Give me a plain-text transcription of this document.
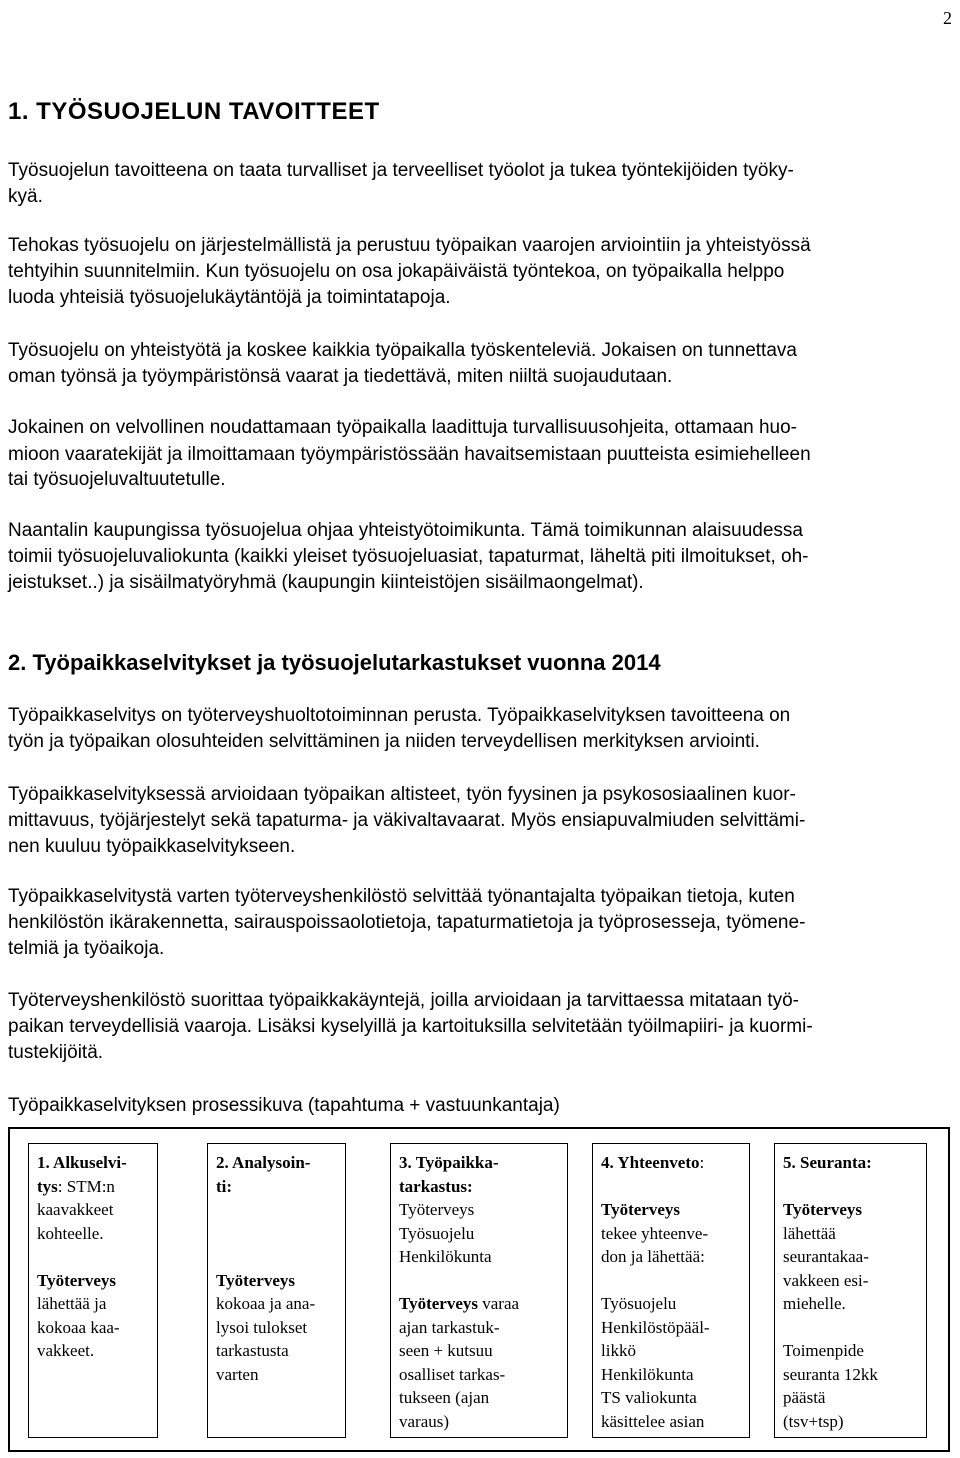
2
1. TYÖSUOJELUN TAVOITTEET
Työsuojelun tavoitteena on taata turvalliset ja terveelliset työolot ja tukea työntekijöiden työky-
kyä.
Tehokas työsuojelu on järjestelmällistä ja perustuu työpaikan vaarojen arviointiin ja yhteistyössä
tehtyihin suunnitelmiin. Kun työsuojelu on osa jokapäiväistä työntekoa, on työpaikalla helppo
luoda yhteisiä työsuojelukäytäntöjä ja toimintatapoja.
Työsuojelu on yhteistyötä ja koskee kaikkia työpaikalla työskenteleviä. Jokaisen on tunnettava
oman työnsä ja työympäristönsä vaarat ja tiedettävä, miten niiltä suojaudutaan.
Jokainen on velvollinen noudattamaan työpaikalla laadittuja turvallisuusohjeita, ottamaan huo-
mioon vaaratekijät ja ilmoittamaan työympäristössään havaitsemistaan puutteista esimiehelleen
tai työsuojeluvaltuutetulle.
Naantalin kaupungissa työsuojelua ohjaa yhteistyötoimikunta. Tämä toimikunnan alaisuudessa
toimii työsuojeluvaliokunta (kaikki yleiset työsuojeluasiat, tapaturmat, läheltä piti ilmoitukset, oh-
jeistukset..) ja sisäilmatyöryhmä (kaupungin kiinteistöjen sisäilmaongelmat).
2. Työpaikkaselvitykset ja työsuojelutarkastukset vuonna 2014
Työpaikkaselvitys on työterveyshuoltotoiminnan perusta. Työpaikkaselvityksen tavoitteena on
työn ja työpaikan olosuhteiden selvittäminen ja niiden terveydellisen merkityksen arviointi.
Työpaikkaselvityksessä arvioidaan työpaikan altisteet, työn fyysinen ja psykososiaalinen kuor-
mittavuus, työjärjestelyt sekä tapaturma- ja väkivaltavaarat. Myös ensiapuvalmiuden selvittämi-
nen kuuluu työpaikkaselvitykseen.
Työpaikkaselvitystä varten työterveyshenkilöstö selvittää työnantajalta työpaikan tietoja, kuten
henkilöstön ikärakennetta, sairauspoissaolotietoja, tapaturmatietoja ja työprosesseja, työmene-
telmiä ja työaikoja.
Työterveyshenkilöstö suorittaa työpaikkakäyntejä, joilla arvioidaan ja tarvittaessa mitataan työ-
paikan terveydellisiä vaaroja. Lisäksi kyselyillä ja kartoituksilla selvitetään työilmapiiri- ja kuormi-
tustekijöitä.
Työpaikkaselvityksen prosessikuva (tapahtuma + vastuunkantaja)
1. Alkuselvi-
tys: STM:n
kaavakkeet
kohteelle.
Työterveys
lähettää ja
kokoaa kaa-
vakkeet.
2. Analysoin-
ti:
Työterveys
kokoaa ja ana-
lysoi tulokset
tarkastusta
varten
3. Työpaikka-
tarkastus:
Työterveys
Työsuojelu
Henkilökunta
Työterveys varaa
ajan tarkastuk-
seen + kutsuu
osalliset tarkas-
tukseen (ajan
varaus)
4. Yhteenveto:
Työterveys
tekee yhteenve-
don ja lähettää:
Työsuojelu
Henkilöstöpääl-
likkö
Henkilökunta
TS valiokunta
käsittelee asian
5. Seuranta:
Työterveys
lähettää
seurantakaa-
vakkeen esi-
miehelle.
Toimenpide
seuranta 12kk
päästä
(tsv+tsp)
